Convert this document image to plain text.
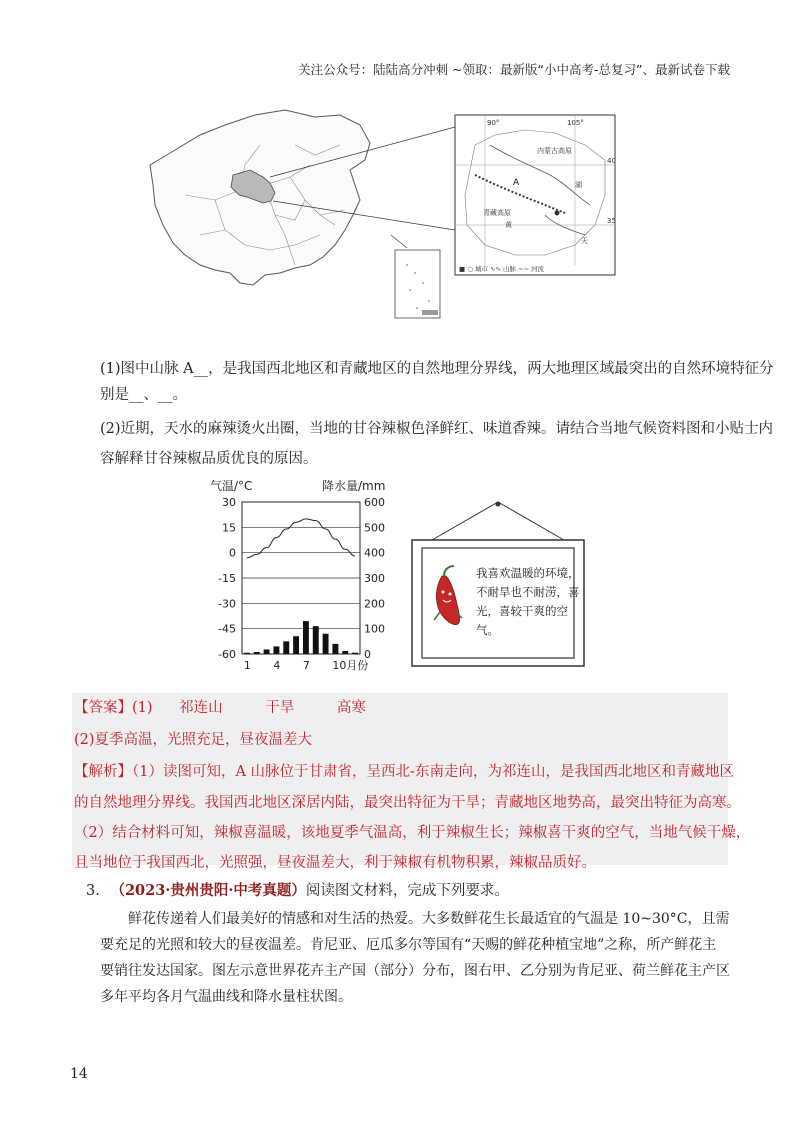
关注公众号：陆陆高分冲刺 ~领取：最新版“小中高考-总复习”、最新试卷下载
90°	105°
40
35
内蒙古高原
青藏高原
A	湖
黄
天
■ ○ 城市 ∿∿ 山脉 ∼∼ 河流
(1)图中山脉 A__，是我国西北地区和青藏地区的自然地理分界线，两大地理区域最突出的自然环境特征分
别是__、__。
(2)近期，天水的麻辣烫火出圈，当地的甘谷辣椒色泽鲜红、味道香辣。请结合当地气候资料图和小贴士内
容解释甘谷辣椒品质优良的原因。
气温/°C	降水量/mm
30
15
0
-15
-30
-45
-60
600
500
400
300
200
100
0
1 4 7 10月份
我喜欢温暖的环境，不耐旱也不耐涝，喜光，喜较干爽的空气。
【答案】(1) 祁连山	干旱	高寒
(2)夏季高温，光照充足，昼夜温差大
【解析】（1）读图可知，A 山脉位于甘肃省，呈西北-东南走向，为祁连山，是我国西北地区和青藏地区
的自然地理分界线。我国西北地区深居内陆，最突出特征为干旱；青藏地区地势高，最突出特征为高寒。
（2）结合材料可知，辣椒喜温暖，该地夏季气温高，利于辣椒生长；辣椒喜干爽的空气，当地气候干燥，
且当地位于我国西北，光照强，昼夜温差大，利于辣椒有机物积累，辣椒品质好。
3. （2023·贵州贵阳·中考真题）阅读图文材料，完成下列要求。
鲜花传递着人们最美好的情感和对生活的热爱。大多数鲜花生长最适宜的气温是 10~30°C，且需要充足的光照和较大的昼夜温差。肯尼亚、厄瓜多尔等国有“天赐的鲜花种植宝地”之称，所产鲜花主要销往发达国家。图左示意世界花卉主产国（部分）分布，图右甲、乙分别为肯尼亚、荷兰鲜花主产区多年平均各月气温曲线和降水量柱状图。
14
